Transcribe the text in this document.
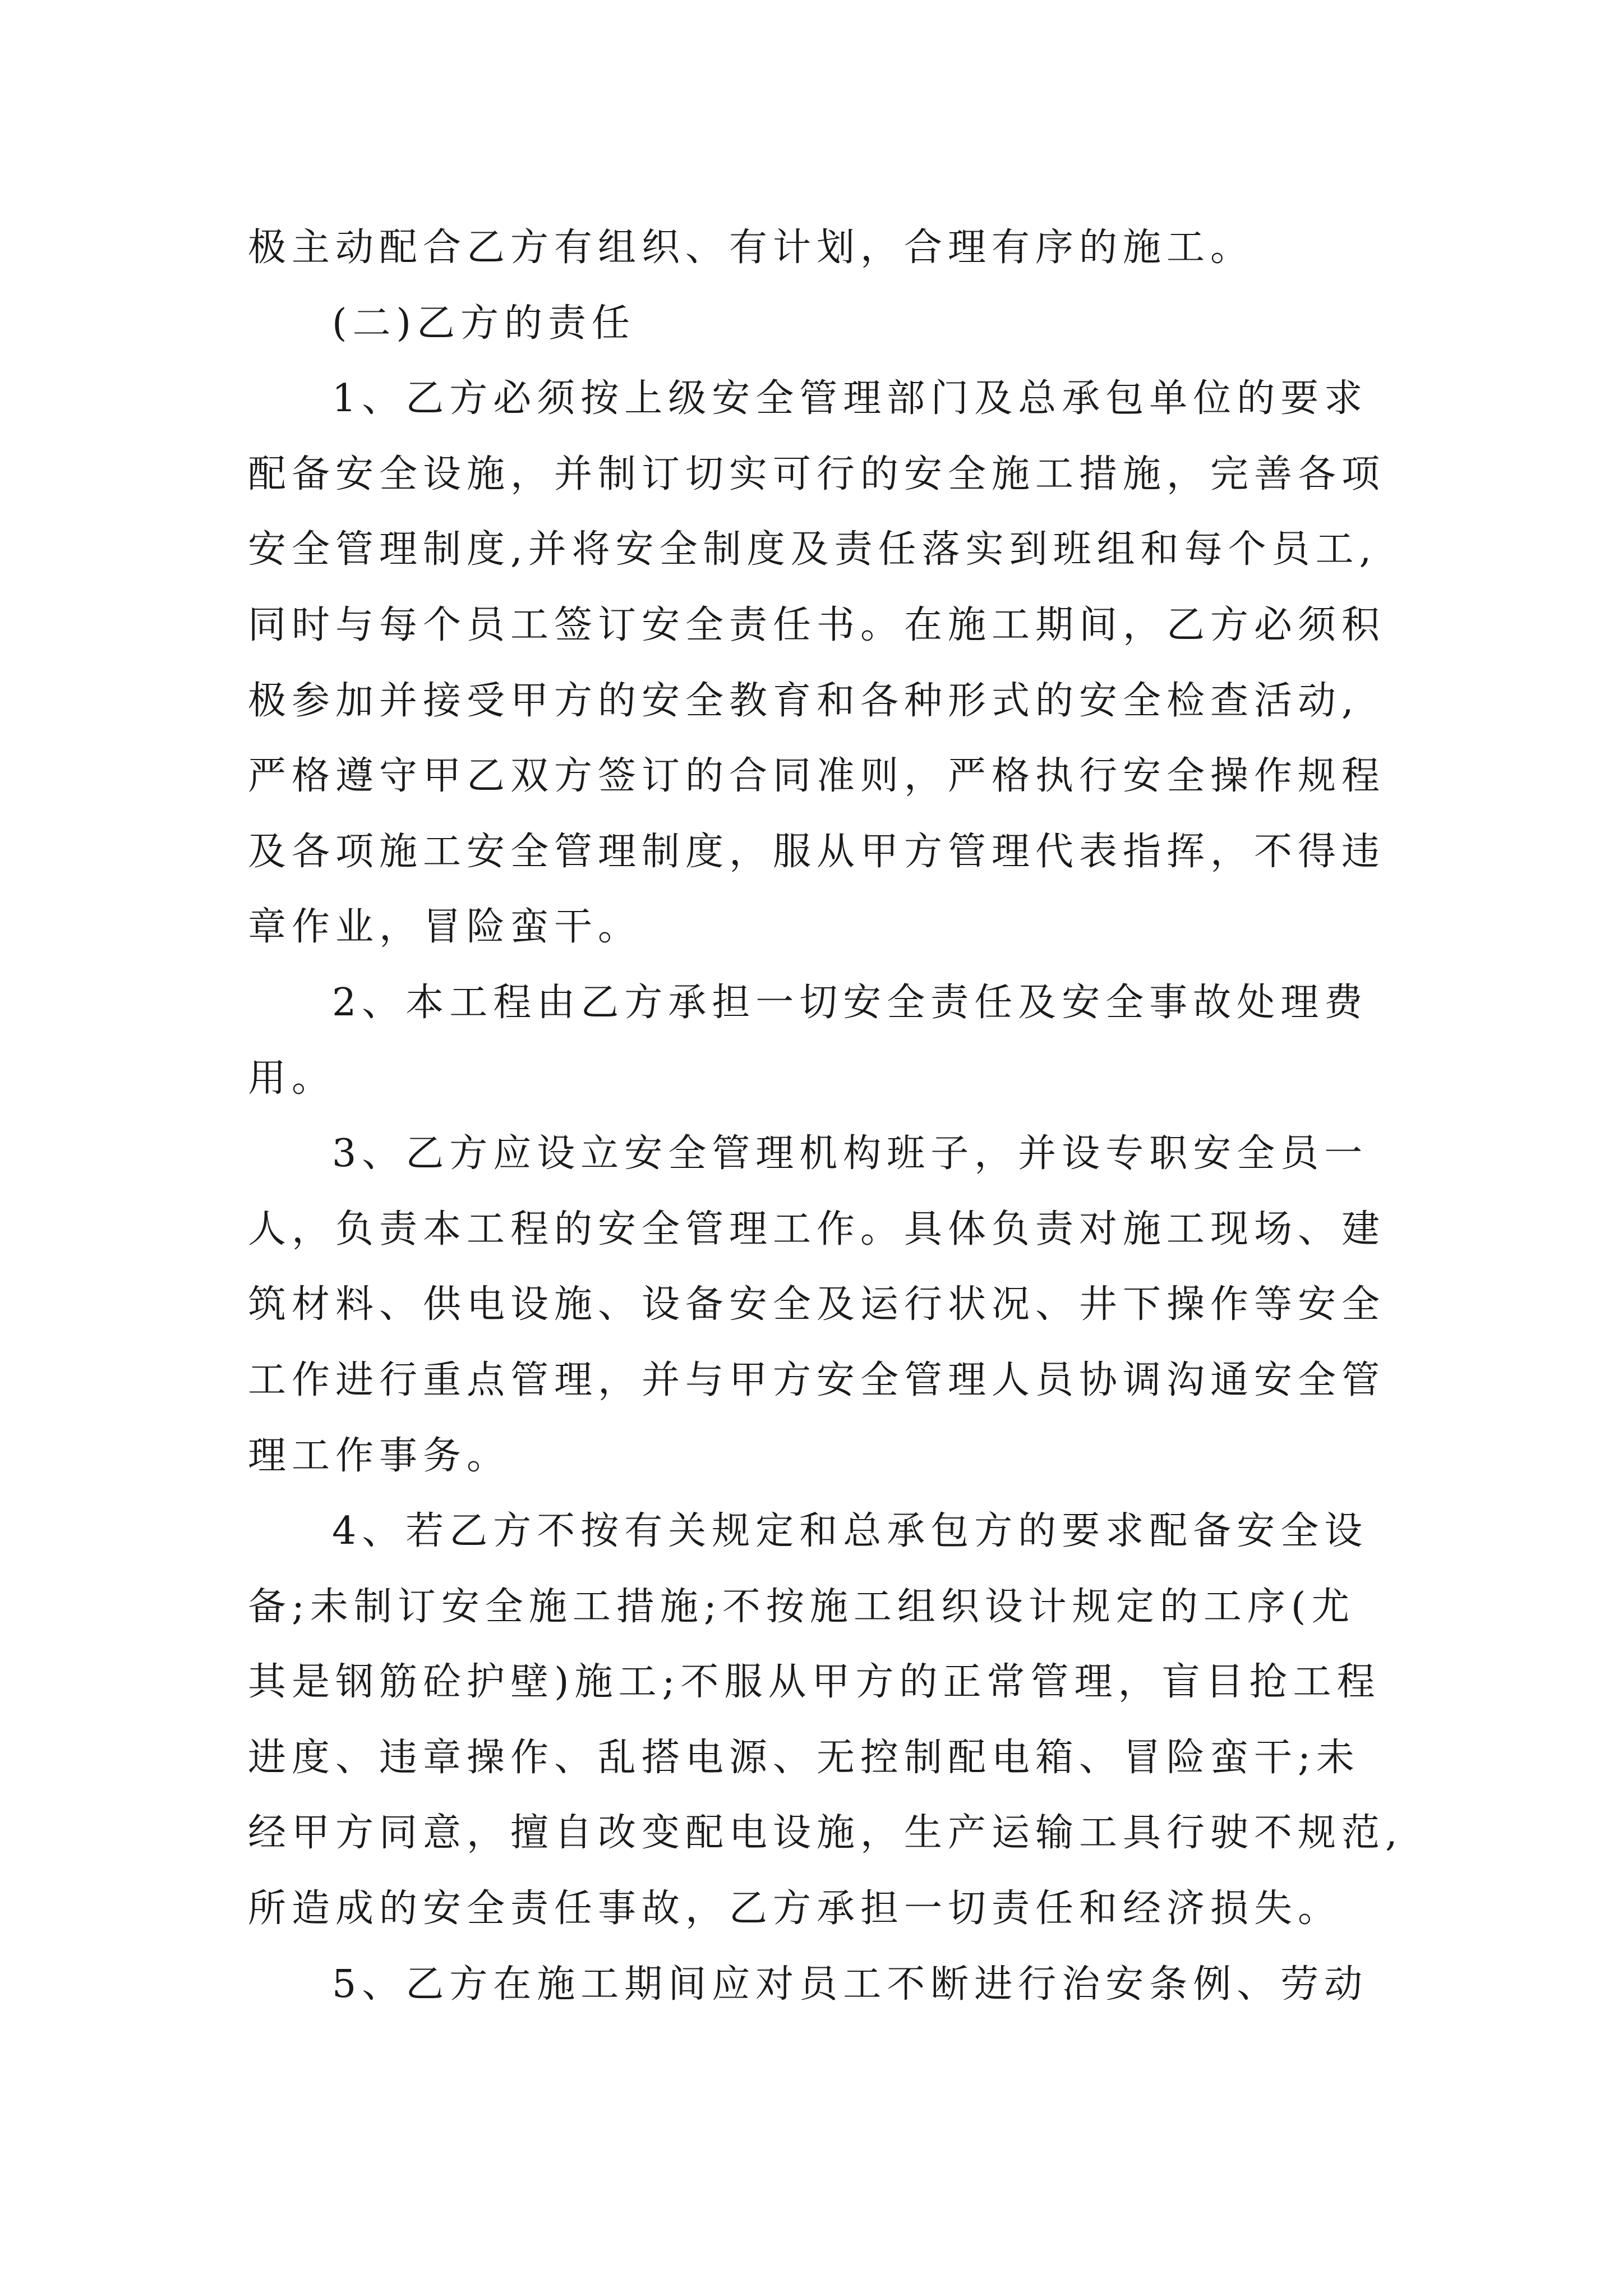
极主动配合乙方有组织、有计划，合理有序的施工。
(二)乙方的责任
1、乙方必须按上级安全管理部门及总承包单位的要求
配备安全设施，并制订切实可行的安全施工措施，完善各项
安全管理制度,并将安全制度及责任落实到班组和每个员工,
同时与每个员工签订安全责任书。在施工期间，乙方必须积
极参加并接受甲方的安全教育和各种形式的安全检查活动,
严格遵守甲乙双方签订的合同准则，严格执行安全操作规程
及各项施工安全管理制度，服从甲方管理代表指挥，不得违
章作业，冒险蛮干。
2、本工程由乙方承担一切安全责任及安全事故处理费
用。
3、乙方应设立安全管理机构班子，并设专职安全员一
人，负责本工程的安全管理工作。具体负责对施工现场、建
筑材料、供电设施、设备安全及运行状况、井下操作等安全
工作进行重点管理，并与甲方安全管理人员协调沟通安全管
理工作事务。
4、若乙方不按有关规定和总承包方的要求配备安全设
备;未制订安全施工措施;不按施工组织设计规定的工序(尤
其是钢筋砼护壁)施工;不服从甲方的正常管理，盲目抢工程
进度、违章操作、乱搭电源、无控制配电箱、冒险蛮干;未
经甲方同意，擅自改变配电设施，生产运输工具行驶不规范,
所造成的安全责任事故，乙方承担一切责任和经济损失。
5、乙方在施工期间应对员工不断进行治安条例、劳动
